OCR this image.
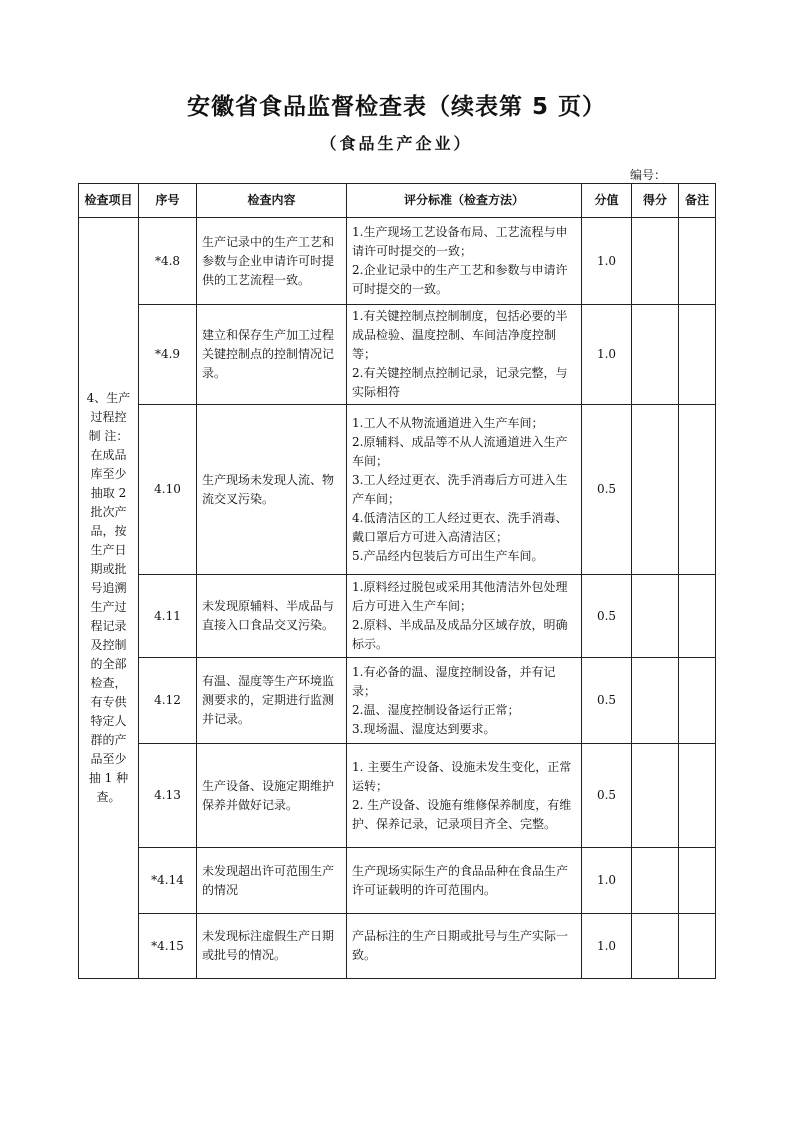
安徽省食品监督检查表（续表第 5 页）
（食品生产企业）
编号：
检查项目	序号	检查内容	评分标准（检查方法）	分值	得分	备注
4、生产过程控制 注：在成品库至少抽取 2 批次产品，按生产日期或批号追溯生产过程记录及控制的全部检查，有专供特定人群的产品至少抽 1 种查。	*4.8	生产记录中的生产工艺和参数与企业申请许可时提供的工艺流程一致。	1.生产现场工艺设备布局、工艺流程与申请许可时提交的一致；
2.企业记录中的生产工艺和参数与申请许可时提交的一致。	1.0		
	*4.9	建立和保存生产加工过程关键控制点的控制情况记录。	1.有关键控制点控制制度，包括必要的半成品检验、温度控制、车间洁净度控制等；
2.有关键控制点控制记录，记录完整，与实际相符	1.0		
	4.10	生产现场未发现人流、物流交叉污染。	1.工人不从物流通道进入生产车间；
2.原辅料、成品等不从人流通道进入生产车间；
3.工人经过更衣、洗手消毒后方可进入生产车间；
4.低清洁区的工人经过更衣、洗手消毒、戴口罩后方可进入高清洁区；
5.产品经内包装后方可出生产车间。	0.5		
	4.11	未发现原辅料、半成品与直接入口食品交叉污染。	1.原料经过脱包或采用其他清洁外包处理后方可进入生产车间；
2.原料、半成品及成品分区域存放，明确标示。	0.5		
	4.12	有温、湿度等生产环境监测要求的，定期进行监测并记录。	1.有必备的温、湿度控制设备，并有记录；
2.温、湿度控制设备运行正常；
3.现场温、湿度达到要求。	0.5		
	4.13	生产设备、设施定期维护保养并做好记录。	1. 主要生产设备、设施未发生变化，正常运转；
2. 生产设备、设施有维修保养制度，有维护、保养记录，记录项目齐全、完整。	0.5		
	*4.14	未发现超出许可范围生产的情况	生产现场实际生产的食品品种在食品生产许可证载明的许可范围内。	1.0		
	*4.15	未发现标注虚假生产日期或批号的情况。	产品标注的生产日期或批号与生产实际一致。	1.0		
